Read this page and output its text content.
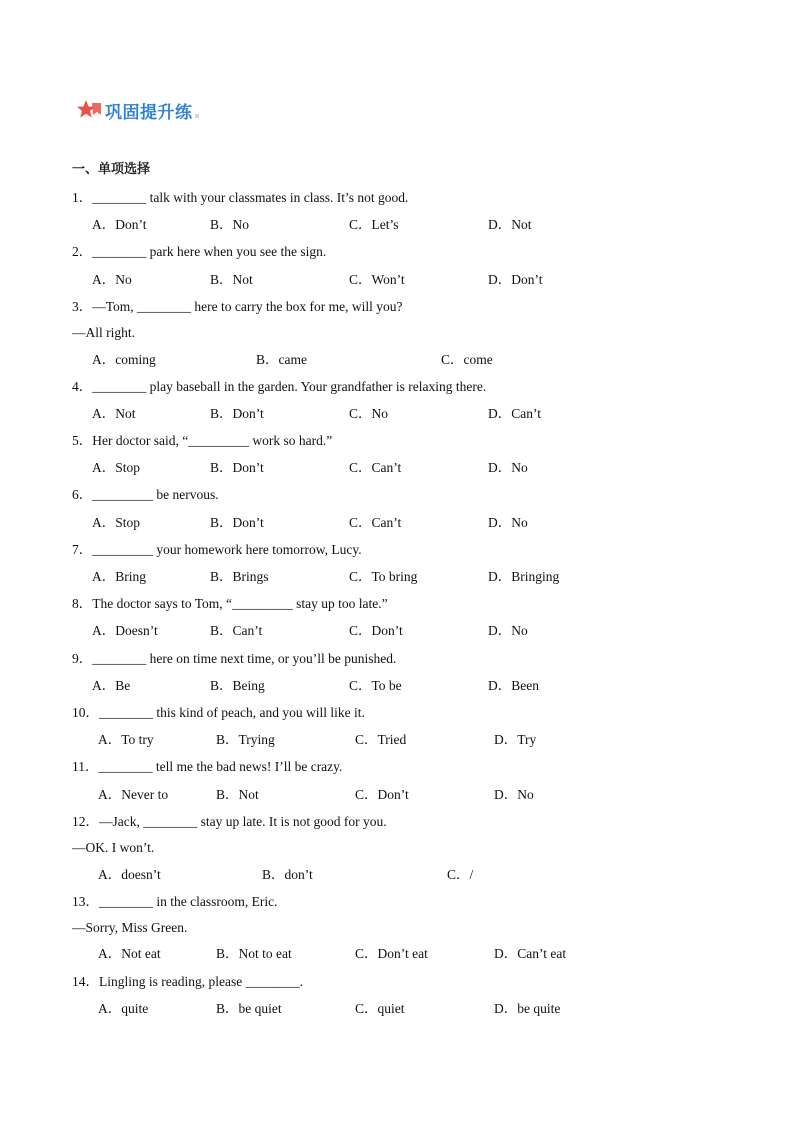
巩固提升练
一、单项选择
1．________ talk with your classmates in class. It’s not good.
A．Don’t	B．No	C．Let’s	D．Not
2．________ park here when you see the sign.
A．No	B．Not	C．Won’t	D．Don’t
3．—Tom, ________ here to carry the box for me, will you?
—All right.
A．coming	B．came	C．come
4．________ play baseball in the garden. Your grandfather is relaxing there.
A．Not	B．Don’t	C．No	D．Can’t
5．Her doctor said, “_________ work so hard.”
A．Stop	B．Don’t	C．Can’t	D．No
6．_________ be nervous.
A．Stop	B．Don’t	C．Can’t	D．No
7．_________ your homework here tomorrow, Lucy.
A．Bring	B．Brings	C．To bring	D．Bringing
8．The doctor says to Tom, “_________ stay up too late.”
A．Doesn’t	B．Can’t	C．Don’t	D．No
9．________ here on time next time, or you’ll be punished.
A．Be	B．Being	C．To be	D．Been
10．________ this kind of peach, and you will like it.
A．To try	B．Trying	C．Tried	D．Try
11．________ tell me the bad news! I’ll be crazy.
A．Never to	B．Not	C．Don’t	D．No
12．—Jack, ________ stay up late. It is not good for you.
—OK. I won’t.
A．doesn’t	B．don’t	C．/
13．________ in the classroom, Eric.
—Sorry, Miss Green.
A．Not eat	B．Not to eat	C．Don’t eat	D．Can’t eat
14．Lingling is reading, please ________.
A．quite	B．be quiet	C．quiet	D．be quite
